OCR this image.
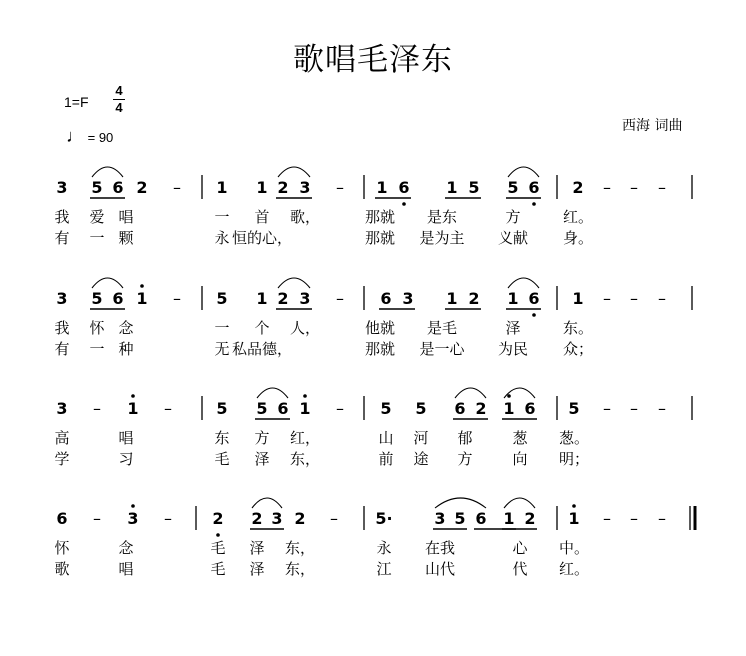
歌唱毛泽东
1=F
4
4
♩ = 90
西海 词曲
3 5 6 2 – 1 1 2 3 – 1 6 1 5 5 6 2 – – –
我 爱 唱	一 首 歌，	那就 是东	方	红。
有 一 颗	永 恒的心，	那就 是为主 义献 身。
3 5 6 1 – 5 1 2 3 – 6 3 1 2 1 6 1 – – –
我 怀 念	一 个 人，	他就 是毛	泽	东。
有 一 种	无 私品德，	那就 是一心 为民 众；
3 – 1 –	5 5 6 1 – 5 5 6 2 1 6 5 – – –
高	唱	东 方 红，	山 河 郁	葱 葱。
学	习	毛 泽 东，	前 途 方	向 明；
6 – 3 –	2 2 3 2 – 5·	3 5 6 1 2 1 – – –
怀	念	毛 泽 东，	永 在我	心 中。
歌	唱	毛 泽 东，	江 山代	代 红。
